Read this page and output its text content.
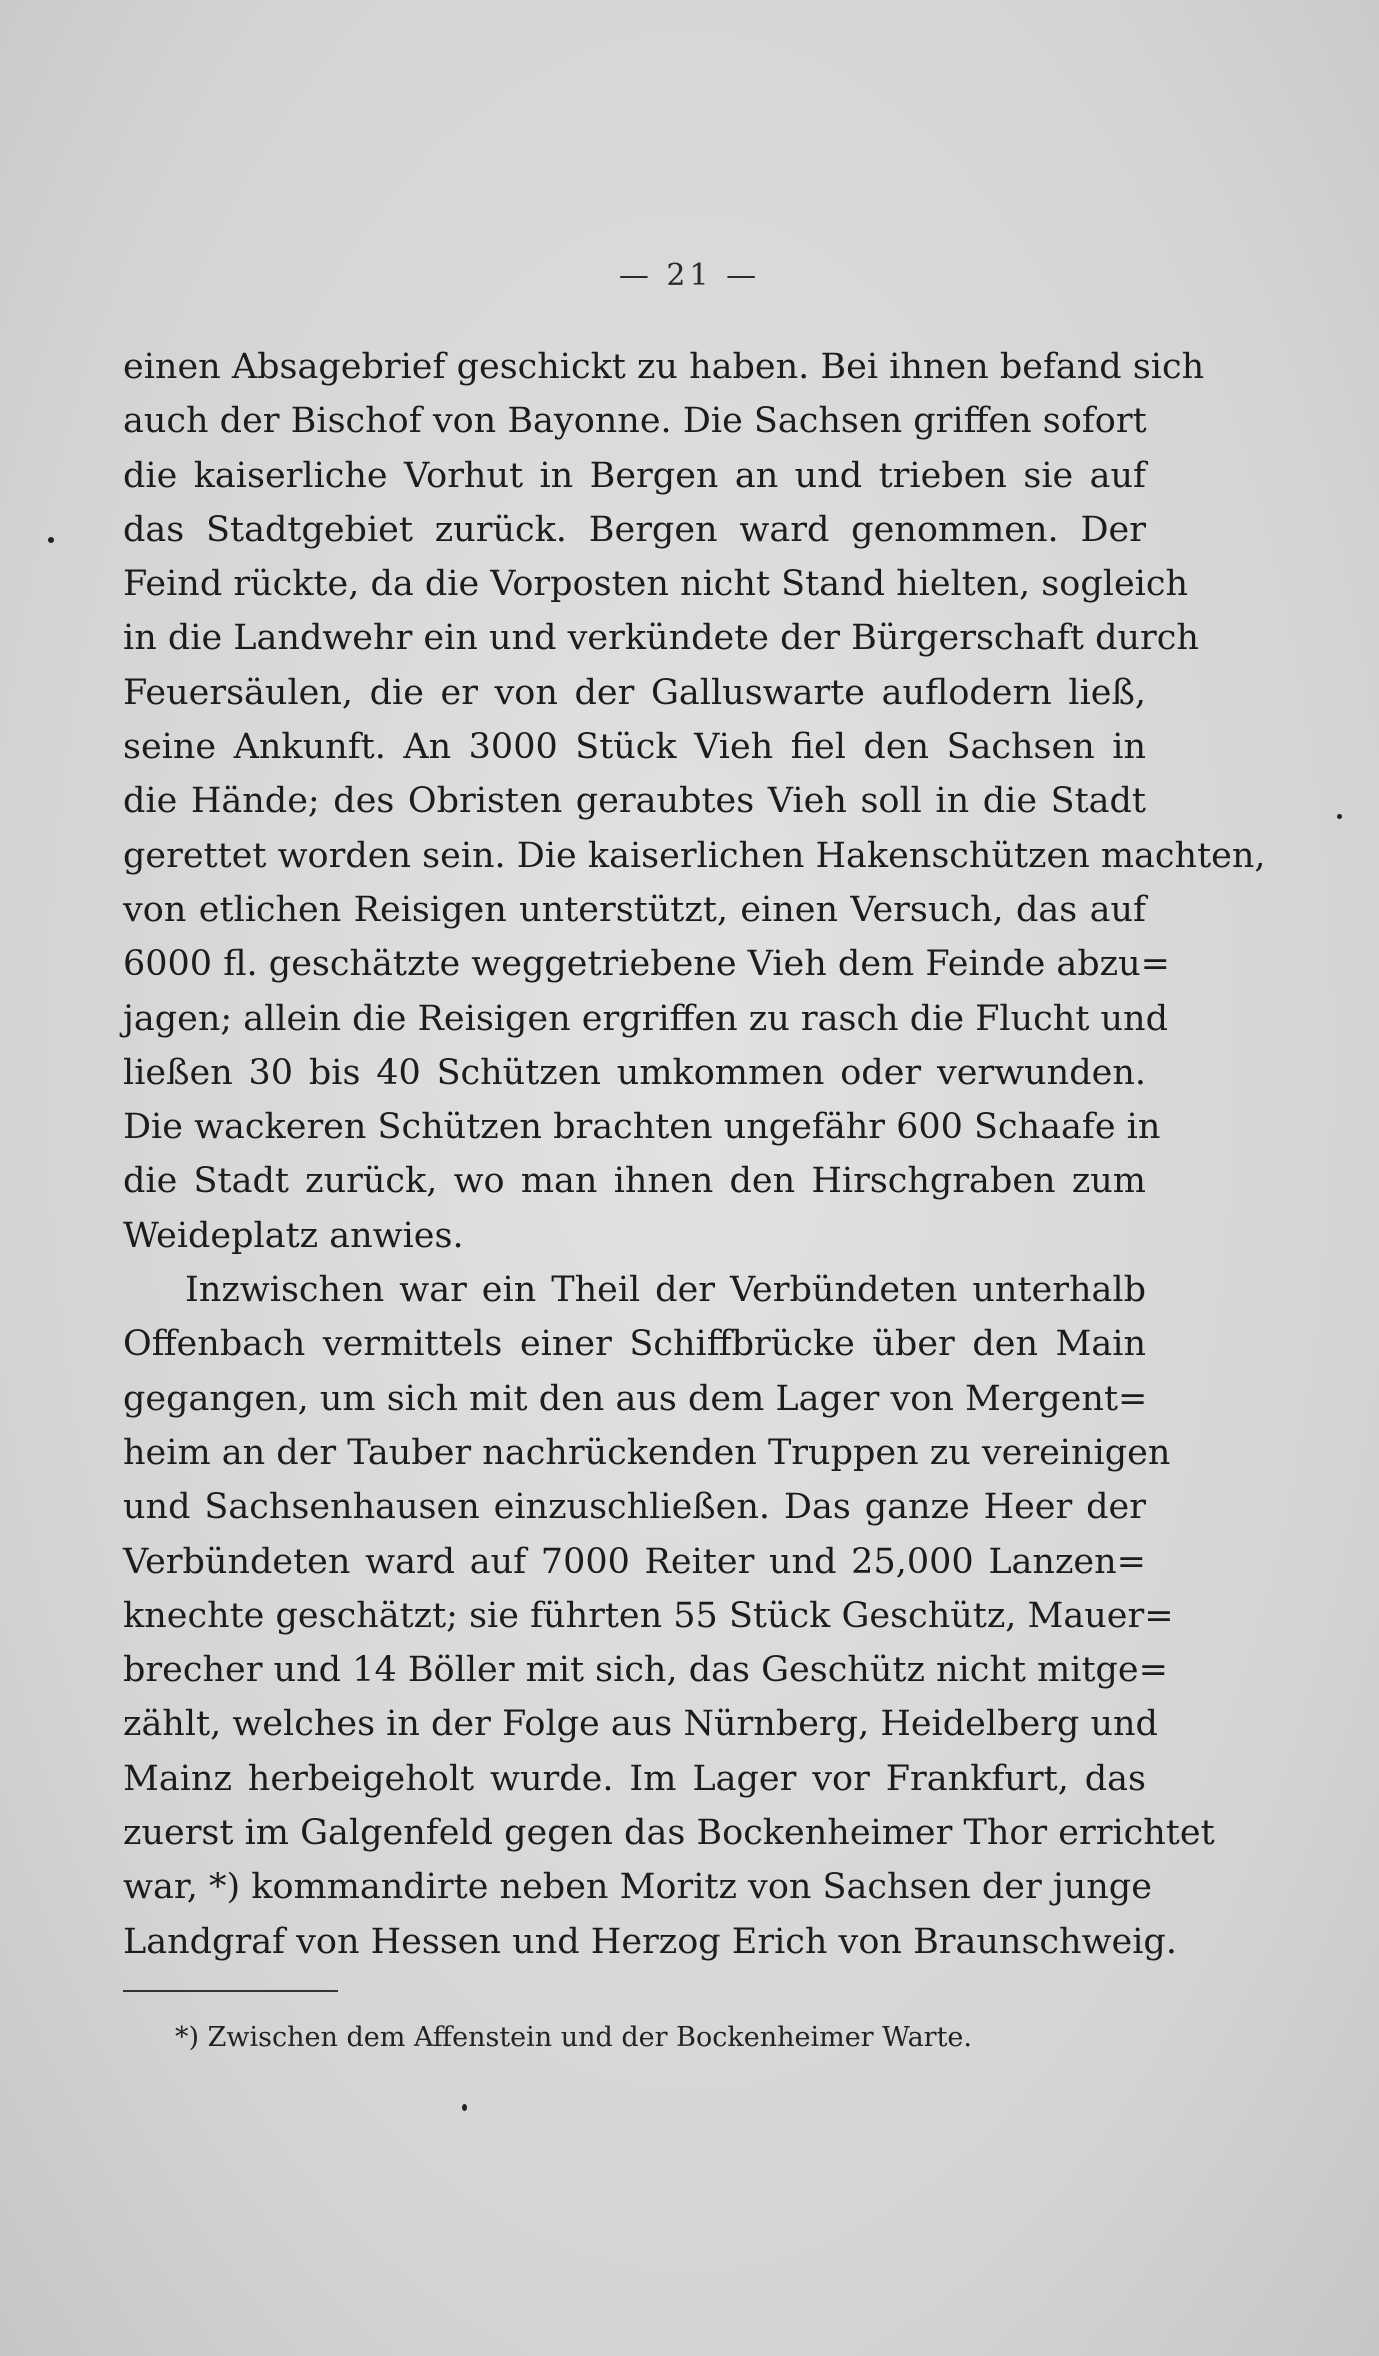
— 21 —
einen Absagebrief geschickt zu haben. Bei ihnen befand sich
auch der Bischof von Bayonne. Die Sachsen griffen sofort
die kaiserliche Vorhut in Bergen an und trieben sie auf
das Stadtgebiet zurück. Bergen ward genommen. Der
Feind rückte, da die Vorposten nicht Stand hielten, sogleich
in die Landwehr ein und verkündete der Bürgerschaft durch
Feuersäulen, die er von der Galluswarte auflodern ließ,
seine Ankunft. An 3000 Stück Vieh fiel den Sachsen in
die Hände; des Obristen geraubtes Vieh soll in die Stadt
gerettet worden sein. Die kaiserlichen Hakenschützen machten,
von etlichen Reisigen unterstützt, einen Versuch, das auf
6000 fl. geschätzte weggetriebene Vieh dem Feinde abzu=
jagen; allein die Reisigen ergriffen zu rasch die Flucht und
ließen 30 bis 40 Schützen umkommen oder verwunden.
Die wackeren Schützen brachten ungefähr 600 Schaafe in
die Stadt zurück, wo man ihnen den Hirschgraben zum
Weideplatz anwies.
Inzwischen war ein Theil der Verbündeten unterhalb
Offenbach vermittels einer Schiffbrücke über den Main
gegangen, um sich mit den aus dem Lager von Mergent=
heim an der Tauber nachrückenden Truppen zu vereinigen
und Sachsenhausen einzuschließen. Das ganze Heer der
Verbündeten ward auf 7000 Reiter und 25,000 Lanzen=
knechte geschätzt; sie führten 55 Stück Geschütz, Mauer=
brecher und 14 Böller mit sich, das Geschütz nicht mitge=
zählt, welches in der Folge aus Nürnberg, Heidelberg und
Mainz herbeigeholt wurde. Im Lager vor Frankfurt, das
zuerst im Galgenfeld gegen das Bockenheimer Thor errichtet
war, *) kommandirte neben Moritz von Sachsen der junge
Landgraf von Hessen und Herzog Erich von Braunschweig.
*) Zwischen dem Affenstein und der Bockenheimer Warte.
